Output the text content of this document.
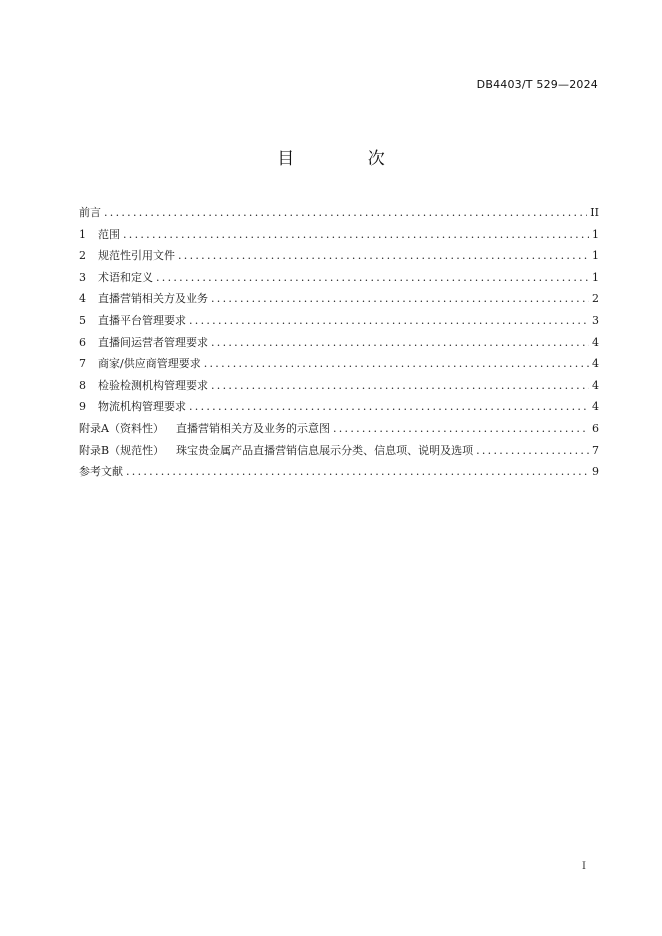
DB4403/T 529—2024
目 次
前言 .....	II
1	范围 .....	1
2	规范性引用文件 .....	1
3	术语和定义 .....	1
4	直播营销相关方及业务 .....	2
5	直播平台管理要求 .....	3
6	直播间运营者管理要求 .....	4
7	商家/供应商管理要求 .....	4
8	检验检测机构管理要求 .....	4
9	物流机构管理要求 .....	4
附录A（资料性） 直播营销相关方及业务的示意图 .....	6
附录B（规范性） 珠宝贵金属产品直播营销信息展示分类、信息项、说明及选项 .....	7
参考文献 .....	9
I
